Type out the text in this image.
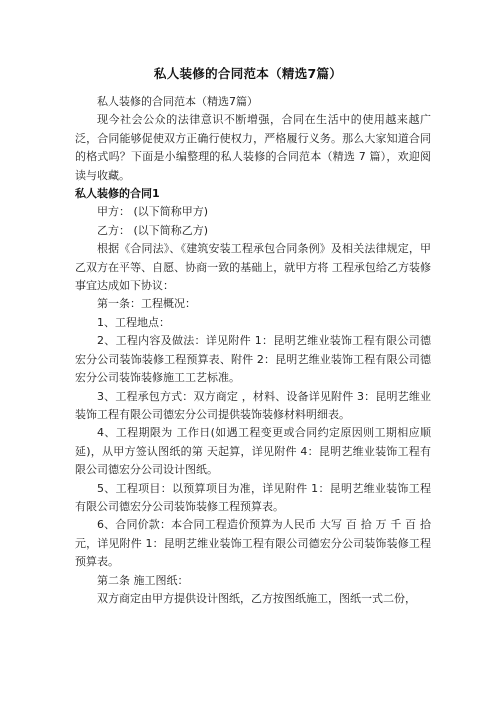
私人装修的合同范本（精选7篇）

私人装修的合同范本（精选7篇）

现今社会公众的法律意识不断增强，合同在生活中的使用越来越广泛，合同能够促使双方正确行使权力，严格履行义务。那么大家知道合同的格式吗？下面是小编整理的私人装修的合同范本（精选 7 篇），欢迎阅读与收藏。

私人装修的合同1

甲方： (以下简称甲方)

乙方： (以下简称乙方)

根据《合同法》、《建筑安装工程承包合同条例》及相关法律规定，甲乙双方在平等、自愿、协商一致的基础上，就甲方将 工程承包给乙方装修事宜达成如下协议：

第一条：工程概况：

1、工程地点：

2、工程内容及做法：详见附件 1：昆明艺维业装饰工程有限公司德宏分公司装饰装修工程预算表、附件 2：昆明艺维业装饰工程有限公司德宏分公司装饰装修施工工艺标准。

3、工程承包方式：双方商定 ，材料、设备详见附件 3：昆明艺维业装饰工程有限公司德宏分公司提供装饰装修材料明细表。

4、工程期限为 工作日(如遇工程变更或合同约定原因则工期相应顺延)，从甲方签认图纸的第 天起算，详见附件 4：昆明艺维业装饰工程有限公司德宏分公司设计图纸。

5、工程项目：以预算项目为准，详见附件 1：昆明艺维业装饰工程有限公司德宏分公司装饰装修工程预算表。

6、合同价款：本合同工程造价预算为人民币 大写 百 拾 万 千 百 拾 元，详见附件 1：昆明艺维业装饰工程有限公司德宏分公司装饰装修工程预算表。

第二条 施工图纸：

双方商定由甲方提供设计图纸，乙方按图纸施工，图纸一式二份，
